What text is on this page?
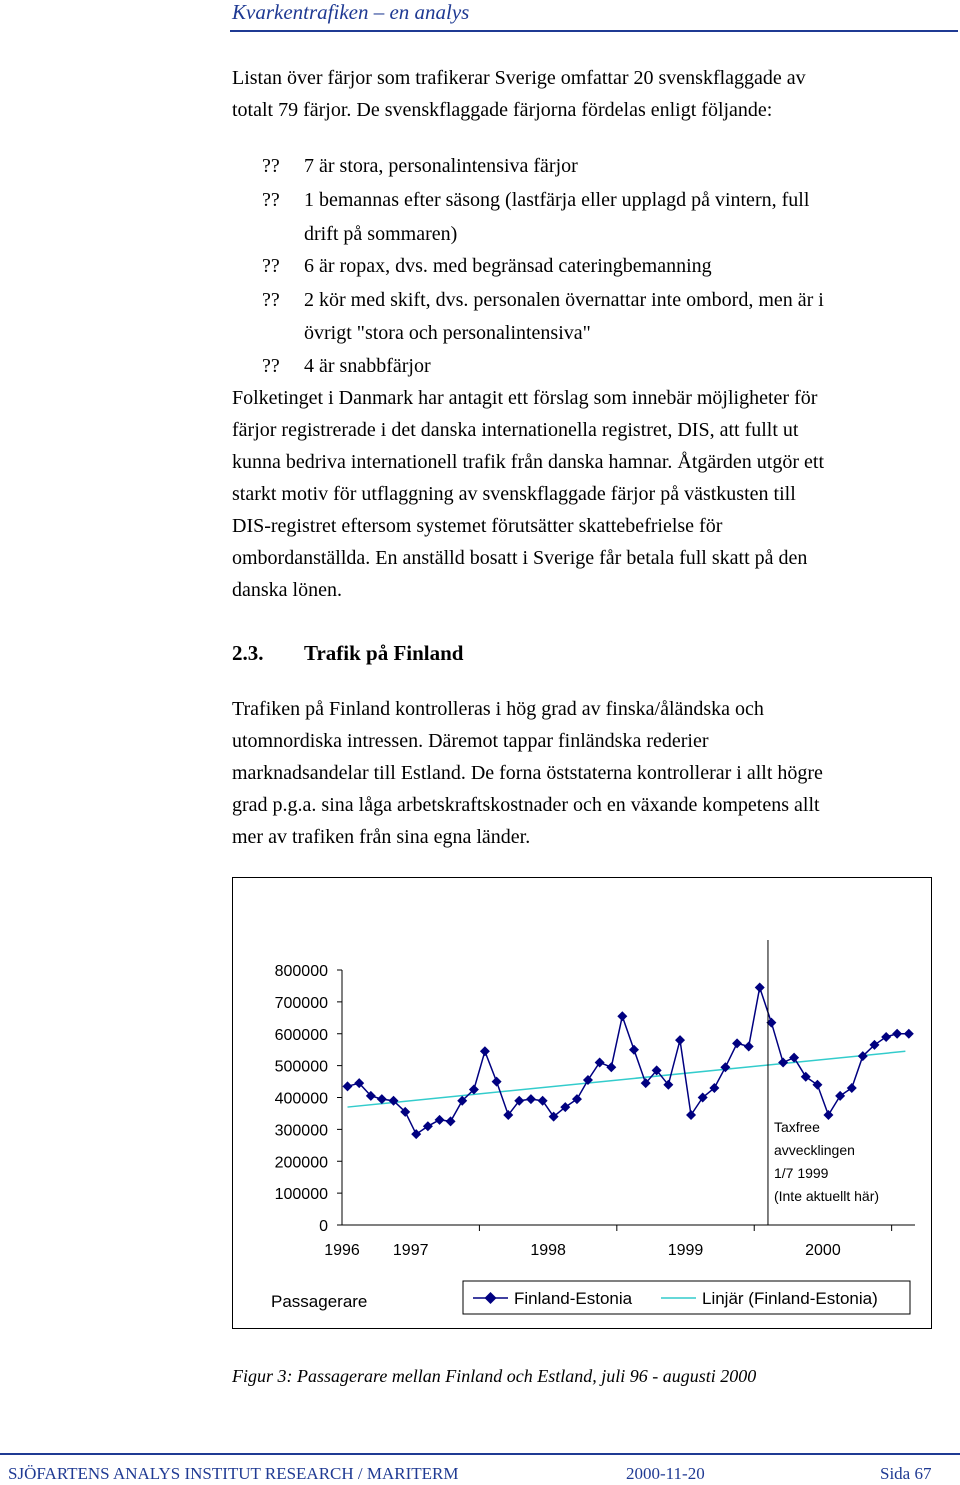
Kvarkentrafiken – en analys

Listan över färjor som trafikerar Sverige omfattar 20 svenskflaggade av
totalt 79 färjor. De svenskflaggade färjorna fördelas enligt följande:

?? 7 är stora, personalintensiva färjor
?? 1 bemannas efter säsong (lastfärja eller upplagd på vintern, full
drift på sommaren)
?? 6 är ropax, dvs. med begränsad cateringbemanning
?? 2 kör med skift, dvs. personalen övernattar inte ombord, men är i
övrigt "stora och personalintensiva"
?? 4 är snabbfärjor

Folketinget i Danmark har antagit ett förslag som innebär möjligheter för
färjor registrerade i det danska internationella registret, DIS, att fullt ut
kunna bedriva internationell trafik från danska hamnar. Åtgärden utgör ett
starkt motiv för utflaggning av svenskflaggade färjor på västkusten till
DIS-registret eftersom systemet förutsätter skattebefrielse för
ombordanställda. En anställd bosatt i Sverige får betala full skatt på den
danska lönen.

2.3. Trafik på Finland

Trafiken på Finland kontrolleras i hög grad av finska/åländska och
utomnordiska intressen. Däremot tappar finländska rederier
marknadsandelar till Estland. De forna öststaterna kontrollerar i allt högre
grad p.g.a. sina låga arbetskraftskostnader och en växande kompetens allt
mer av trafiken från sina egna länder.

800000
700000
600000
500000
400000
300000
200000
100000
0
1996 1997	1998	1999	2000
Taxfree
avvecklingen
1/7 1999
(Inte aktuellt här)
Passagerare	Finland-Estonia	Linjär (Finland-Estonia)
Figur 3: Passagerare mellan Finland och Estland, juli 96 - augusti 2000
SJÖFARTENS ANALYS INSTITUT RESEARCH / MARITERM	2000-11-20	Sida 67
